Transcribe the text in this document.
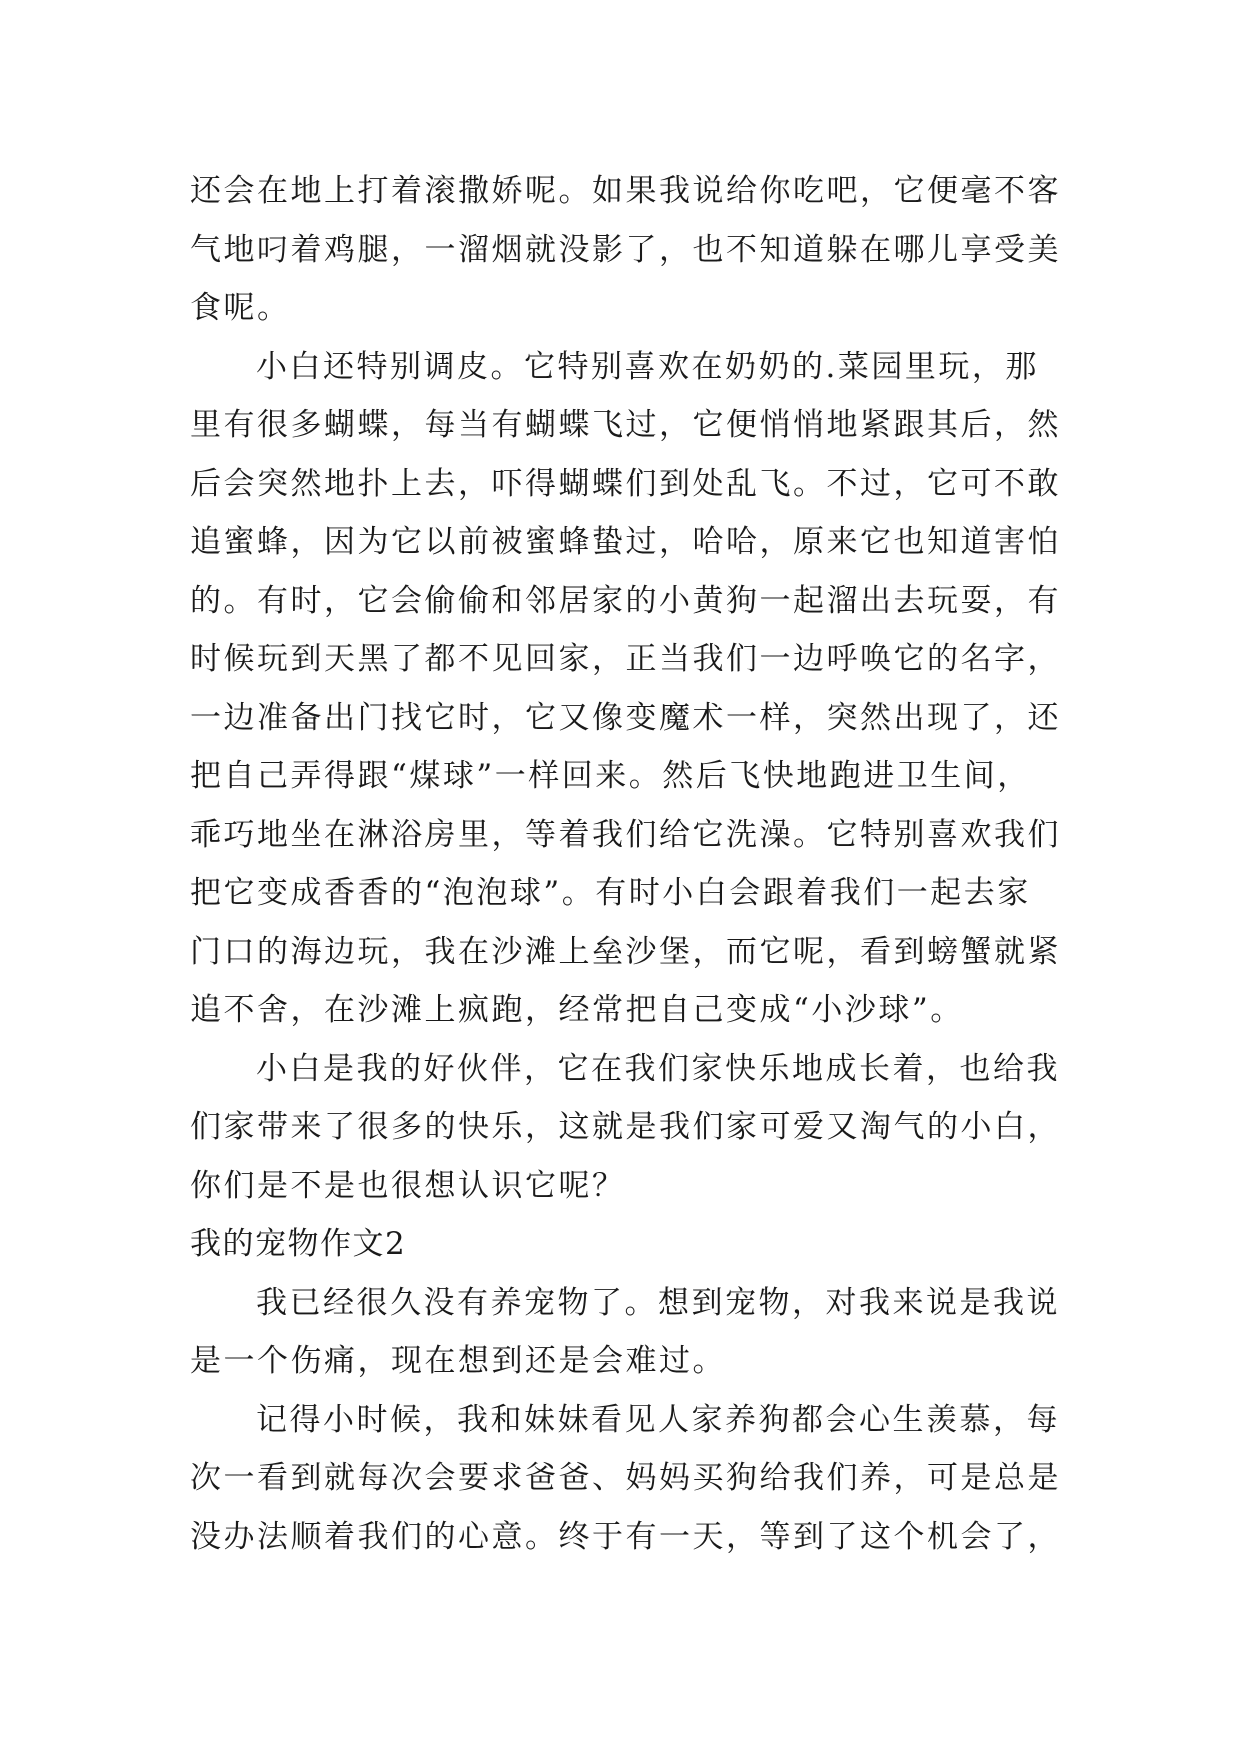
还会在地上打着滚撒娇呢。如果我说给你吃吧，它便毫不客
气地叼着鸡腿，一溜烟就没影了，也不知道躲在哪儿享受美
食呢。

小白还特别调皮。它特别喜欢在奶奶的.菜园里玩，那
里有很多蝴蝶，每当有蝴蝶飞过，它便悄悄地紧跟其后，然
后会突然地扑上去，吓得蝴蝶们到处乱飞。不过，它可不敢
追蜜蜂，因为它以前被蜜蜂蛰过，哈哈，原来它也知道害怕
的。有时，它会偷偷和邻居家的小黄狗一起溜出去玩耍，有
时候玩到天黑了都不见回家，正当我们一边呼唤它的名字，
一边准备出门找它时，它又像变魔术一样，突然出现了，还
把自己弄得跟“煤球”一样回来。然后飞快地跑进卫生间，
乖巧地坐在淋浴房里，等着我们给它洗澡。它特别喜欢我们
把它变成香香的“泡泡球”。有时小白会跟着我们一起去家
门口的海边玩，我在沙滩上垒沙堡，而它呢，看到螃蟹就紧
追不舍，在沙滩上疯跑，经常把自己变成“小沙球”。

小白是我的好伙伴，它在我们家快乐地成长着，也给我
们家带来了很多的快乐，这就是我们家可爱又淘气的小白，
你们是不是也很想认识它呢？

我的宠物作文2

我已经很久没有养宠物了。想到宠物，对我来说是我说
是一个伤痛，现在想到还是会难过。

记得小时候，我和妹妹看见人家养狗都会心生羡慕，每
次一看到就每次会要求爸爸、妈妈买狗给我们养，可是总是
没办法顺着我们的心意。终于有一天，等到了这个机会了，
